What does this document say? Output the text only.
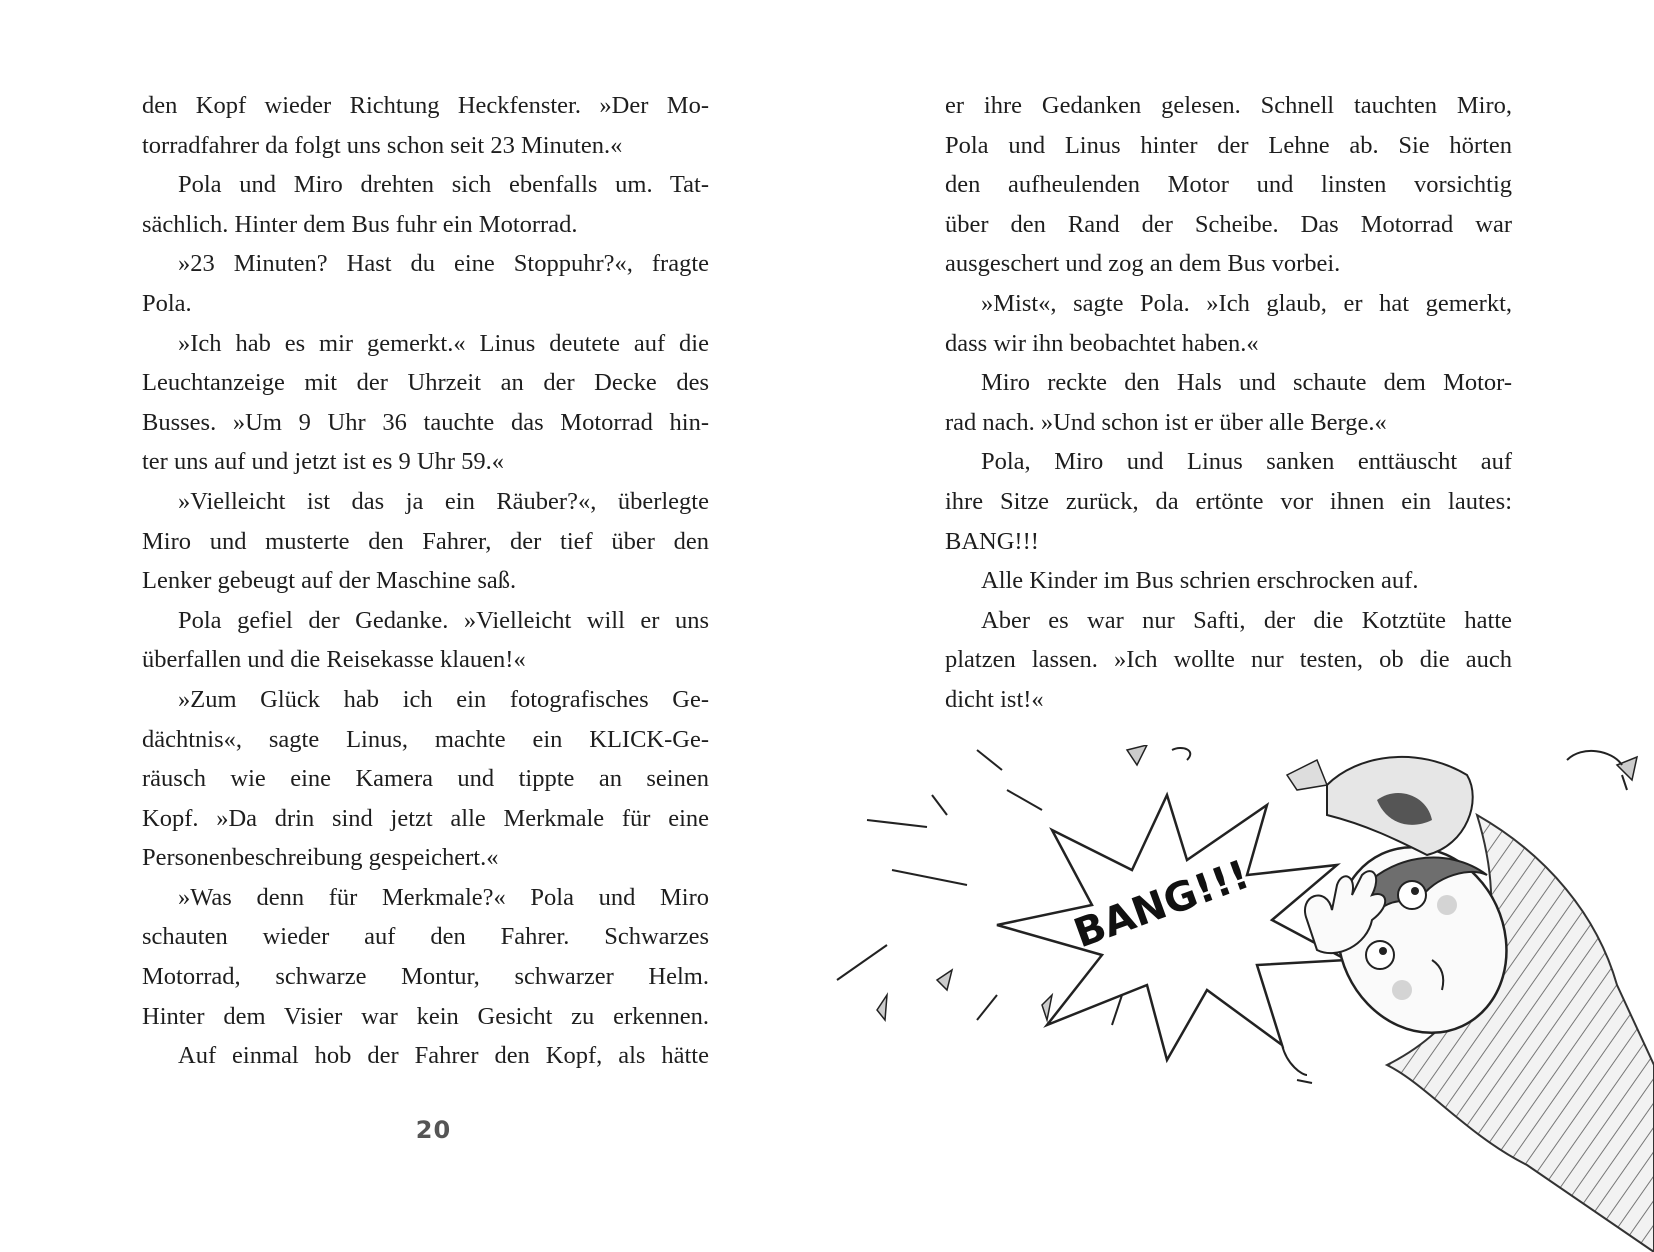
den Kopf wieder Richtung Heckfenster. »Der Mo-
torradfahrer da folgt uns schon seit 23 Minuten.«
Pola und Miro drehten sich ebenfalls um. Tat-
sächlich. Hinter dem Bus fuhr ein Motorrad.
»23 Minuten? Hast du eine Stoppuhr?«, fragte
Pola.
»Ich hab es mir gemerkt.« Linus deutete auf die
Leuchtanzeige mit der Uhrzeit an der Decke des
Busses. »Um 9 Uhr 36 tauchte das Motorrad hin-
ter uns auf und jetzt ist es 9 Uhr 59.«
»Vielleicht ist das ja ein Räuber?«, überlegte
Miro und musterte den Fahrer, der tief über den
Lenker gebeugt auf der Maschine saß.
Pola gefiel der Gedanke. »Vielleicht will er uns
überfallen und die Reisekasse klauen!«
»Zum Glück hab ich ein fotografisches Ge-
dächtnis«, sagte Linus, machte ein KLICK-Ge-
räusch wie eine Kamera und tippte an seinen
Kopf. »Da drin sind jetzt alle Merkmale für eine
Personenbeschreibung gespeichert.«
»Was denn für Merkmale?« Pola und Miro
schauten wieder auf den Fahrer. Schwarzes
Motorrad, schwarze Montur, schwarzer Helm.
Hinter dem Visier war kein Gesicht zu erkennen.
Auf einmal hob der Fahrer den Kopf, als hätte
20
er ihre Gedanken gelesen. Schnell tauchten Miro,
Pola und Linus hinter der Lehne ab. Sie hörten
den aufheulenden Motor und linsten vorsichtig
über den Rand der Scheibe. Das Motorrad war
ausgeschert und zog an dem Bus vorbei.
»Mist«, sagte Pola. »Ich glaub, er hat gemerkt,
dass wir ihn beobachtet haben.«
Miro reckte den Hals und schaute dem Motor-
rad nach. »Und schon ist er über alle Berge.«
Pola, Miro und Linus sanken enttäuscht auf
ihre Sitze zurück, da ertönte vor ihnen ein lautes:
BANG!!!
Alle Kinder im Bus schrien erschrocken auf.
Aber es war nur Safti, der die Kotztüte hatte
platzen lassen. »Ich wollte nur testen, ob die auch
dicht ist!«
BANG!!!
